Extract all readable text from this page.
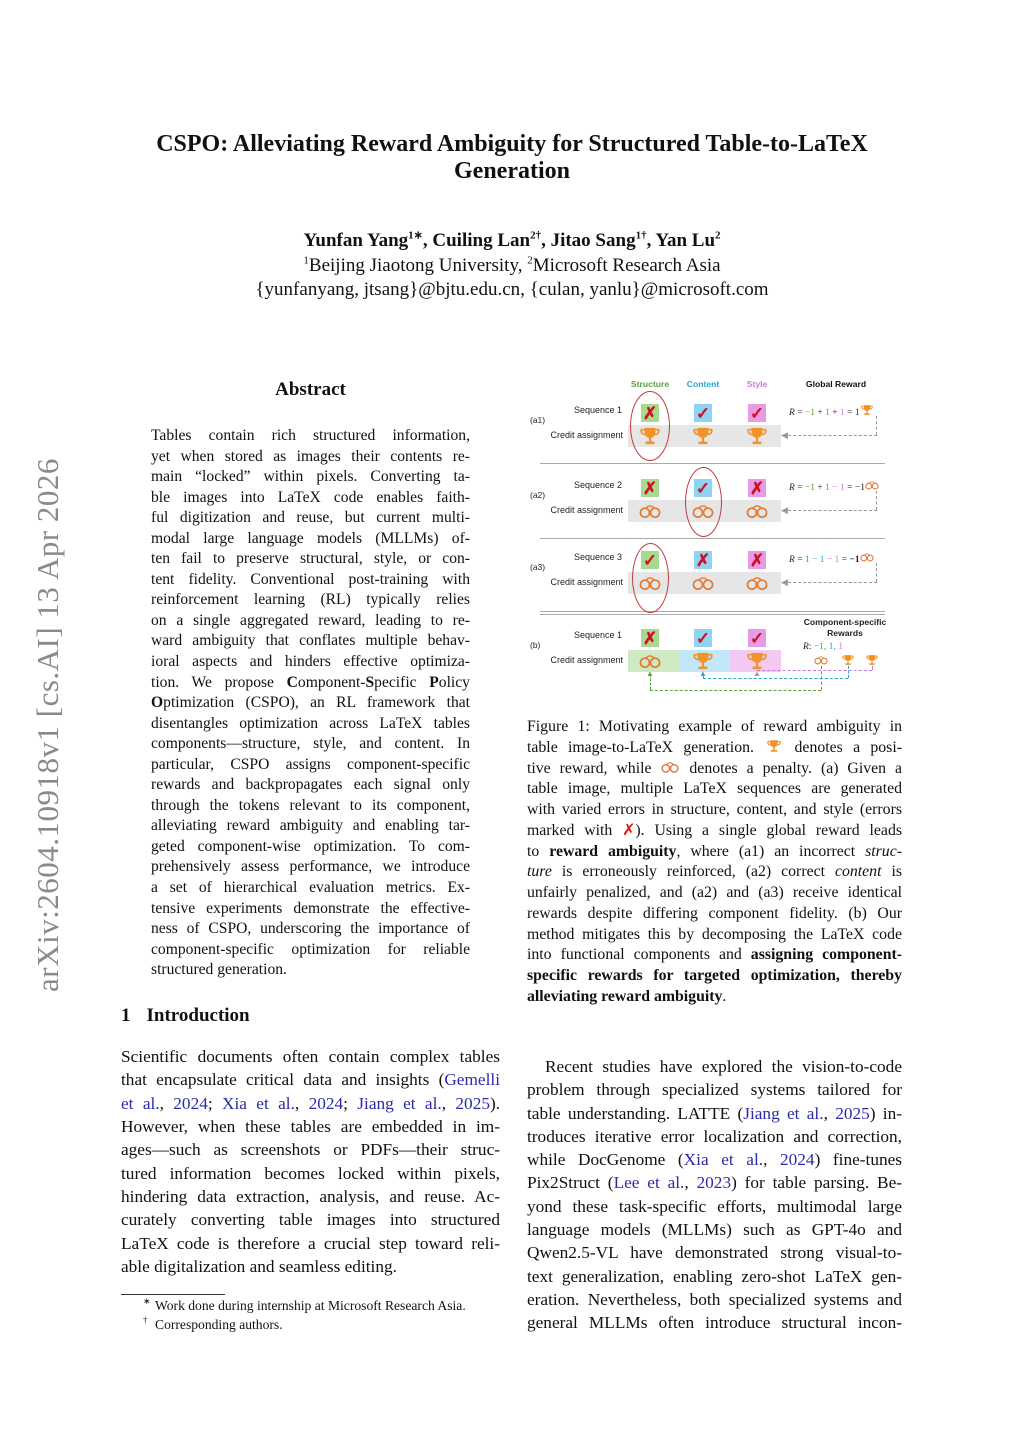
arXiv:2604.10918v1 [cs.AI] 13 Apr 2026
CSPO: Alleviating Reward Ambiguity for Structured Table-to-LaTeX
Generation
Yunfan Yang$^{1∗}$, Cuiling Lan$^{2\dagger}$, Jitao Sang$^{1\dagger}$, Yan Lu$^2$
$^1$Beijing Jiaotong University, $^2$Microsoft Research Asia
{yunfanyang, jtsang}@bjtu.edu.cn, {culan, yanlu}@microsoft.com
Abstract
Tables contain rich structured information,
yet when stored as images their contents re-
main “locked” within pixels. Converting ta-
ble images into LaTeX code enables faith-
ful digitization and reuse, but current multi-
modal large language models (MLLMs) of-
ten fail to preserve structural, style, or con-
tent fidelity. Conventional post-training with
reinforcement learning (RL) typically relies
on a single aggregated reward, leading to re-
ward ambiguity that conflates multiple behav-
ioral aspects and hinders effective optimiza-
tion. We propose Component-Specific Policy
Optimization (CSPO), an RL framework that
disentangles optimization across LaTeX tables
components—structure, style, and content. In
particular, CSPO assigns component-specific
rewards and backpropagates each signal only
through the tokens relevant to its component,
alleviating reward ambiguity and enabling tar-
geted component-wise optimization. To com-
prehensively assess performance, we introduce
a set of hierarchical evaluation metrics. Ex-
tensive experiments demonstrate the effective-
ness of CSPO, underscoring the importance of
component-specific optimization for reliable
structured generation.
1 Introduction
Scientific documents often contain complex tables
that encapsulate critical data and insights (Gemelli
et al., 2024; Xia et al., 2024; Jiang et al., 2025).
However, when these tables are embedded in im-
ages—such as screenshots or PDFs—their struc-
tured information becomes locked within pixels,
hindering data extraction, analysis, and reuse. Ac-
curately converting table images into structured
LaTeX code is therefore a crucial step toward reli-
able digitalization and seamless editing.
Structure Content	Style	Global Reward
Sequence 1
(a1)
Credit assignment
✗ ✓ ✓	R = −1 + 1 + 1 = 1
◀
Sequence 2
(a2)
Credit assignment
✗ ✓ ✗	R = −1 + 1 − 1 = −1
◀
Sequence 3
(a3)
Credit assignment
✓ ✗ ✗	R = 1 − 1 − 1 = −1
◀
Sequence 1
(b)
Credit assignment
✗ ✓ ✓	R: −1, 1, 1
Component-specific
Rewards
▲	▲	▲
Figure 1: Motivating example of reward ambiguity in
table image-to-LaTeX generation.  denotes a posi-
tive reward, while  denotes a penalty. (a) Given a
table image, multiple LaTeX sequences are generated
with varied errors in structure, content, and style (errors
marked with ✗). Using a single global reward leads
to reward ambiguity, where (a1) an incorrect struc-
ture is erroneously reinforced, (a2) correct content is
unfairly penalized, and (a2) and (a3) receive identical
rewards despite differing component fidelity. (b) Our
method mitigates this by decomposing the LaTeX code
into functional components and assigning component-
specific rewards for targeted optimization, thereby
alleviating reward ambiguity.
Recent studies have explored the vision-to-code
problem through specialized systems tailored for
table understanding. LATTE (Jiang et al., 2025) in-
troduces iterative error localization and correction,
while DocGenome (Xia et al., 2024) fine-tunes
Pix2Struct (Lee et al., 2023) for table parsing. Be-
yond these task-specific efforts, multimodal large
language models (MLLMs) such as GPT-4o and
Qwen2.5-VL have demonstrated strong visual-to-
text generalization, enabling zero-shot LaTeX gen-
eration. Nevertheless, both specialized systems and
general MLLMs often introduce structural incon-
∗ Work done during internship at Microsoft Research Asia.
† Corresponding authors.
